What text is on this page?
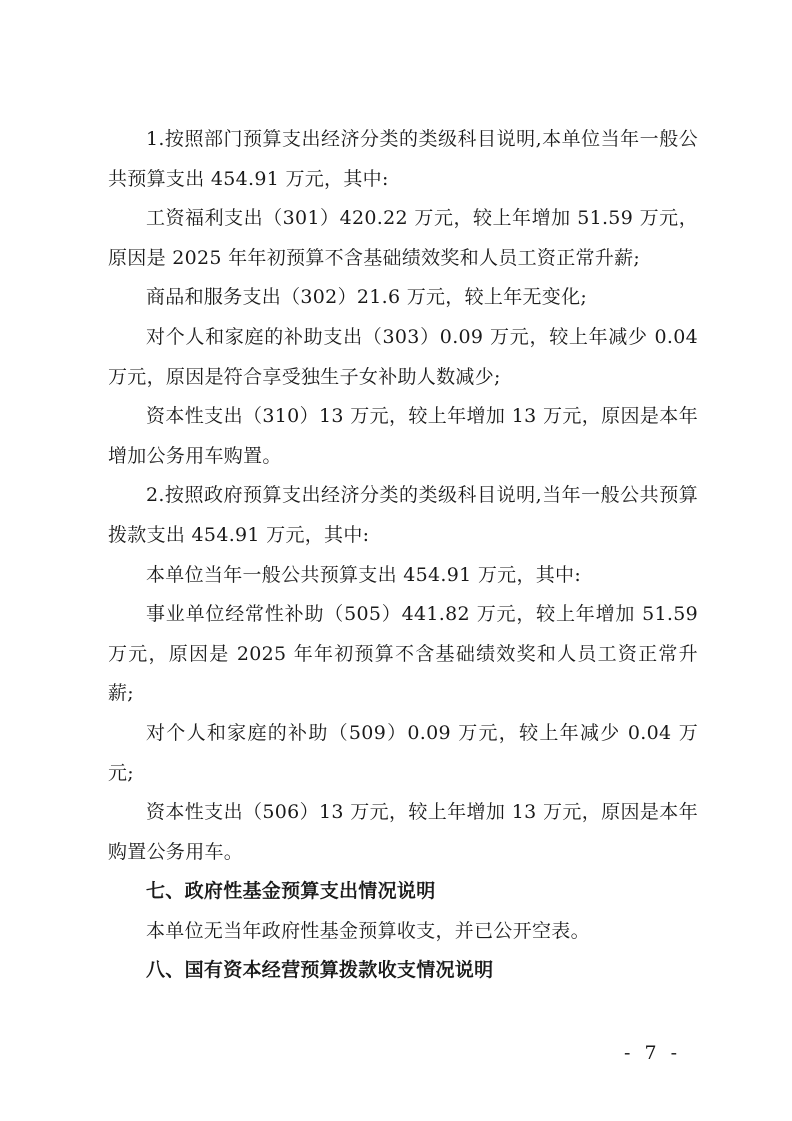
1.按照部门预算支出经济分类的类级科目说明,本单位当年一般公共预算支出 454.91 万元，其中:

工资福利支出（301）420.22 万元，较上年增加 51.59 万元，原因是 2025 年年初预算不含基础绩效奖和人员工资正常升薪;

商品和服务支出（302）21.6 万元，较上年无变化;

对个人和家庭的补助支出（303）0.09 万元，较上年减少 0.04 万元，原因是符合享受独生子女补助人数减少;

资本性支出（310）13 万元，较上年增加 13 万元，原因是本年增加公务用车购置。

2.按照政府预算支出经济分类的类级科目说明,当年一般公共预算拨款支出 454.91 万元，其中:

本单位当年一般公共预算支出 454.91 万元，其中:

事业单位经常性补助（505）441.82 万元，较上年增加 51.59 万元，原因是 2025 年年初预算不含基础绩效奖和人员工资正常升薪;

对个人和家庭的补助（509）0.09 万元，较上年减少 0.04 万元;

资本性支出（506）13 万元，较上年增加 13 万元，原因是本年购置公务用车。

七、政府性基金预算支出情况说明

本单位无当年政府性基金预算收支，并已公开空表。

八、国有资本经营预算拨款收支情况说明

- 7 -
